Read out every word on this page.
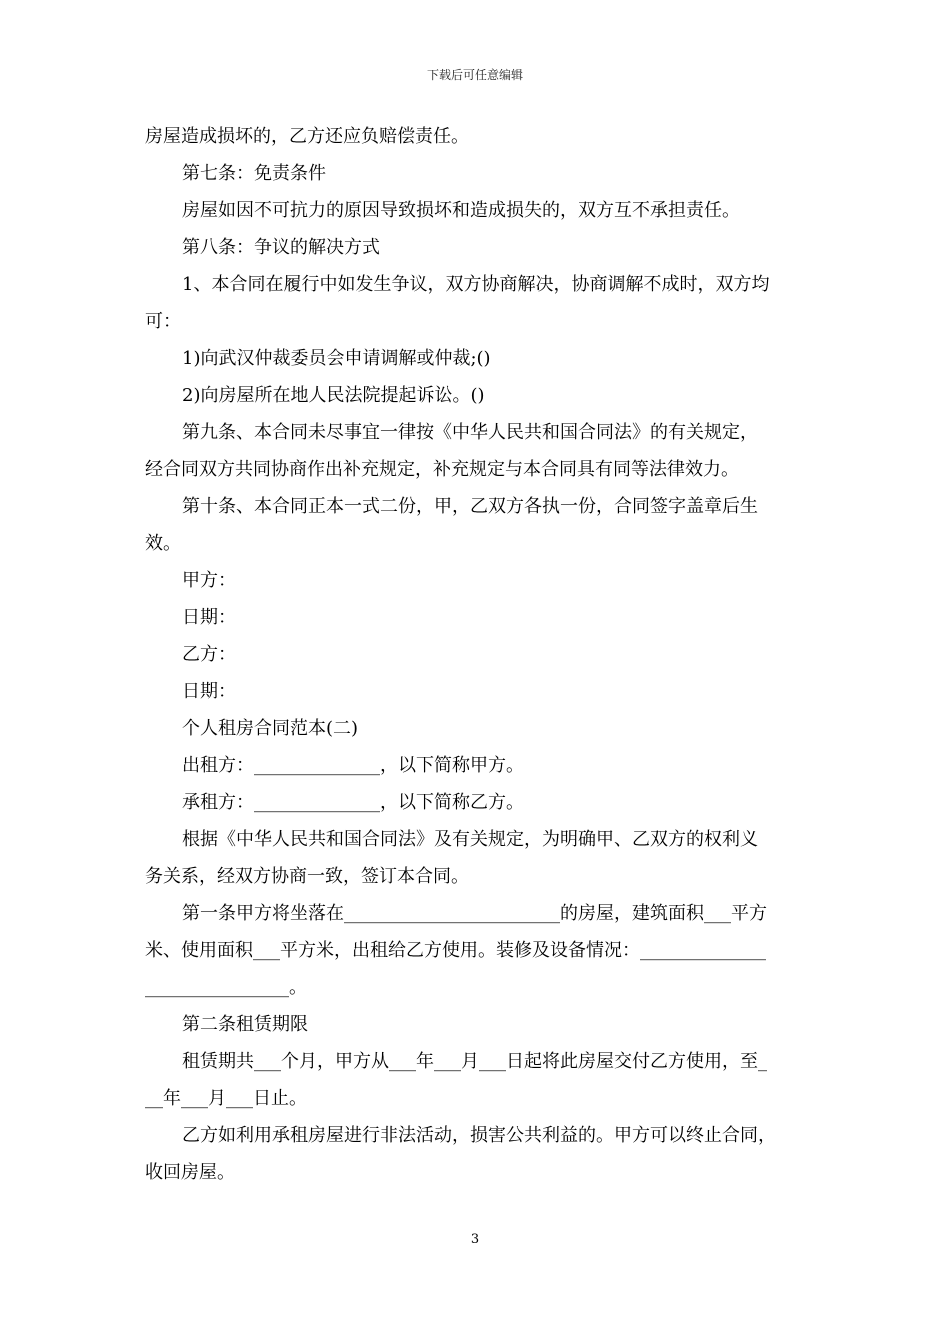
下载后可任意编辑

房屋造成损坏的，乙方还应负赔偿责任。

第七条：免责条件

房屋如因不可抗力的原因导致损坏和造成损失的，双方互不承担责任。

第八条：争议的解决方式

1、本合同在履行中如发生争议，双方协商解决，协商调解不成时，双方均

可：

1)向武汉仲裁委员会申请调解或仲裁;()

2)向房屋所在地人民法院提起诉讼。()

第九条、本合同未尽事宜一律按《中华人民共和国合同法》的有关规定，

经合同双方共同协商作出补充规定，补充规定与本合同具有同等法律效力。

第十条、本合同正本一式二份，甲，乙双方各执一份，合同签字盖章后生

效。

甲方：

日期：

乙方：

日期：

个人租房合同范本(二)

出租方：______________，以下简称甲方。

承租方：______________，以下简称乙方。

根据《中华人民共和国合同法》及有关规定，为明确甲、乙双方的权利义

务关系，经双方协商一致，签订本合同。

第一条甲方将坐落在________________________的房屋，建筑面积___平方

米、使用面积___平方米，出租给乙方使用。装修及设备情况：______________

________________。

第二条租赁期限

租赁期共___个月，甲方从___年___月___日起将此房屋交付乙方使用，至_

__年___月___日止。

乙方如利用承租房屋进行非法活动，损害公共利益的。甲方可以终止合同，

收回房屋。

3
